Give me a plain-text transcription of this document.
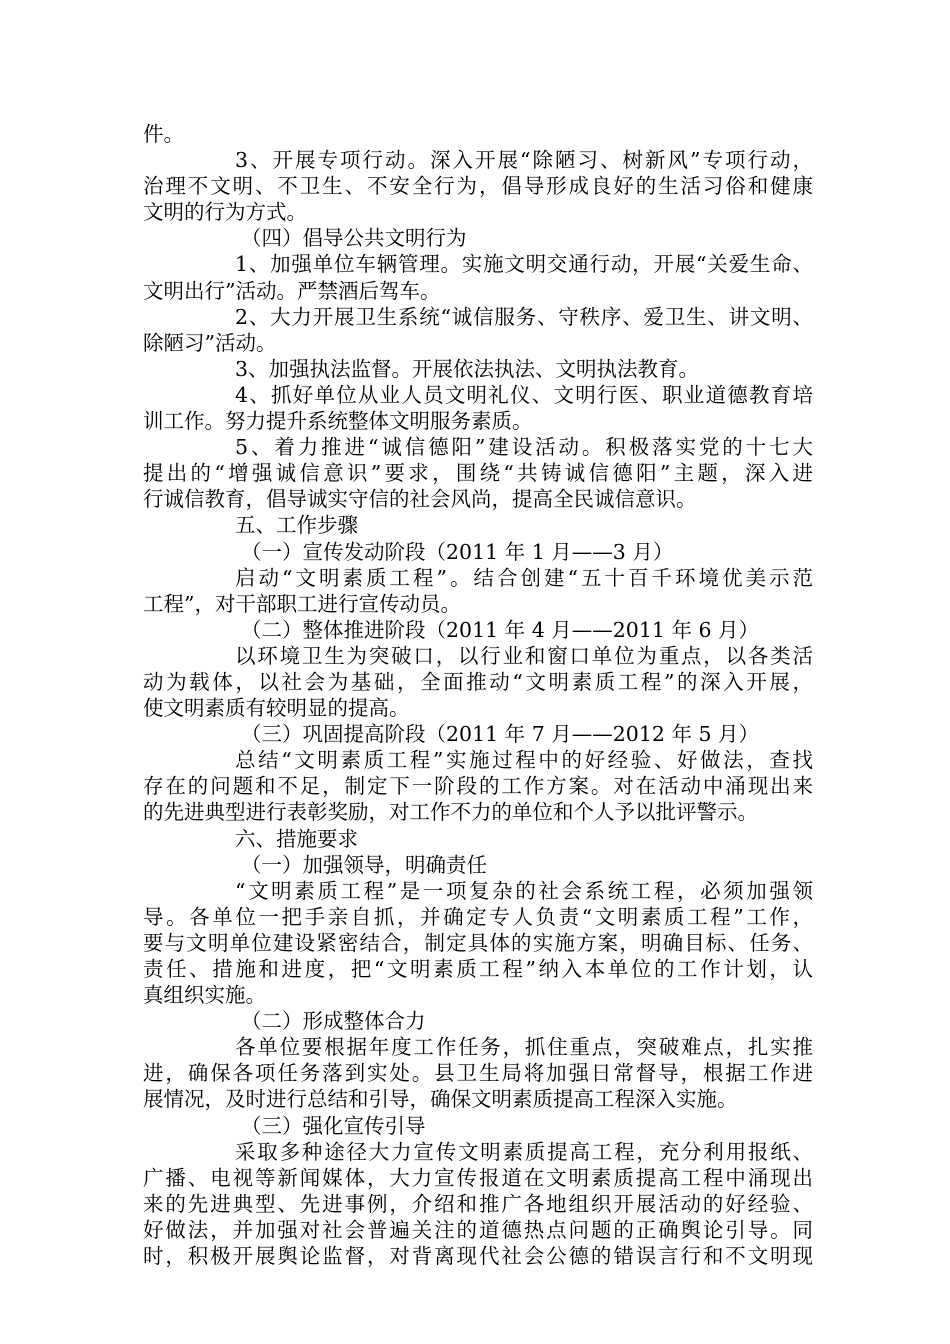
件。
3、开展专项行动。深入开展“除陋习、树新风”专项行动，
治理不文明、不卫生、不安全行为，倡导形成良好的生活习俗和健康
文明的行为方式。
（四）倡导公共文明行为
1、加强单位车辆管理。实施文明交通行动，开展“关爱生命、
文明出行”活动。严禁酒后驾车。
2、大力开展卫生系统“诚信服务、守秩序、爱卫生、讲文明、
除陋习”活动。
3、加强执法监督。开展依法执法、文明执法教育。
4、抓好单位从业人员文明礼仪、文明行医、职业道德教育培
训工作。努力提升系统整体文明服务素质。
5、着力推进“诚信德阳”建设活动。积极落实党的十七大
提出的“增强诚信意识”要求，围绕“共铸诚信德阳”主题，深入进
行诚信教育，倡导诚实守信的社会风尚，提高全民诚信意识。
五、工作步骤
（一）宣传发动阶段（2011 年 1 月——3 月）
启动“文明素质工程”。结合创建“五十百千环境优美示范
工程”，对干部职工进行宣传动员。
（二）整体推进阶段（2011 年 4 月——2011 年 6 月）
以环境卫生为突破口，以行业和窗口单位为重点，以各类活
动为载体，以社会为基础，全面推动“文明素质工程”的深入开展，
使文明素质有较明显的提高。
（三）巩固提高阶段（2011 年 7 月——2012 年 5 月）
总结“文明素质工程”实施过程中的好经验、好做法，查找
存在的问题和不足，制定下一阶段的工作方案。对在活动中涌现出来
的先进典型进行表彰奖励，对工作不力的单位和个人予以批评警示。
六、措施要求
（一）加强领导，明确责任
“文明素质工程”是一项复杂的社会系统工程，必须加强领
导。各单位一把手亲自抓，并确定专人负责“文明素质工程”工作，
要与文明单位建设紧密结合，制定具体的实施方案，明确目标、任务、
责任、措施和进度，把“文明素质工程”纳入本单位的工作计划，认
真组织实施。
（二）形成整体合力
各单位要根据年度工作任务，抓住重点，突破难点，扎实推
进，确保各项任务落到实处。县卫生局将加强日常督导，根据工作进
展情况，及时进行总结和引导，确保文明素质提高工程深入实施。
（三）强化宣传引导
采取多种途径大力宣传文明素质提高工程，充分利用报纸、
广播、电视等新闻媒体，大力宣传报道在文明素质提高工程中涌现出
来的先进典型、先进事例，介绍和推广各地组织开展活动的好经验、
好做法，并加强对社会普遍关注的道德热点问题的正确舆论引导。同
时，积极开展舆论监督，对背离现代社会公德的错误言行和不文明现
